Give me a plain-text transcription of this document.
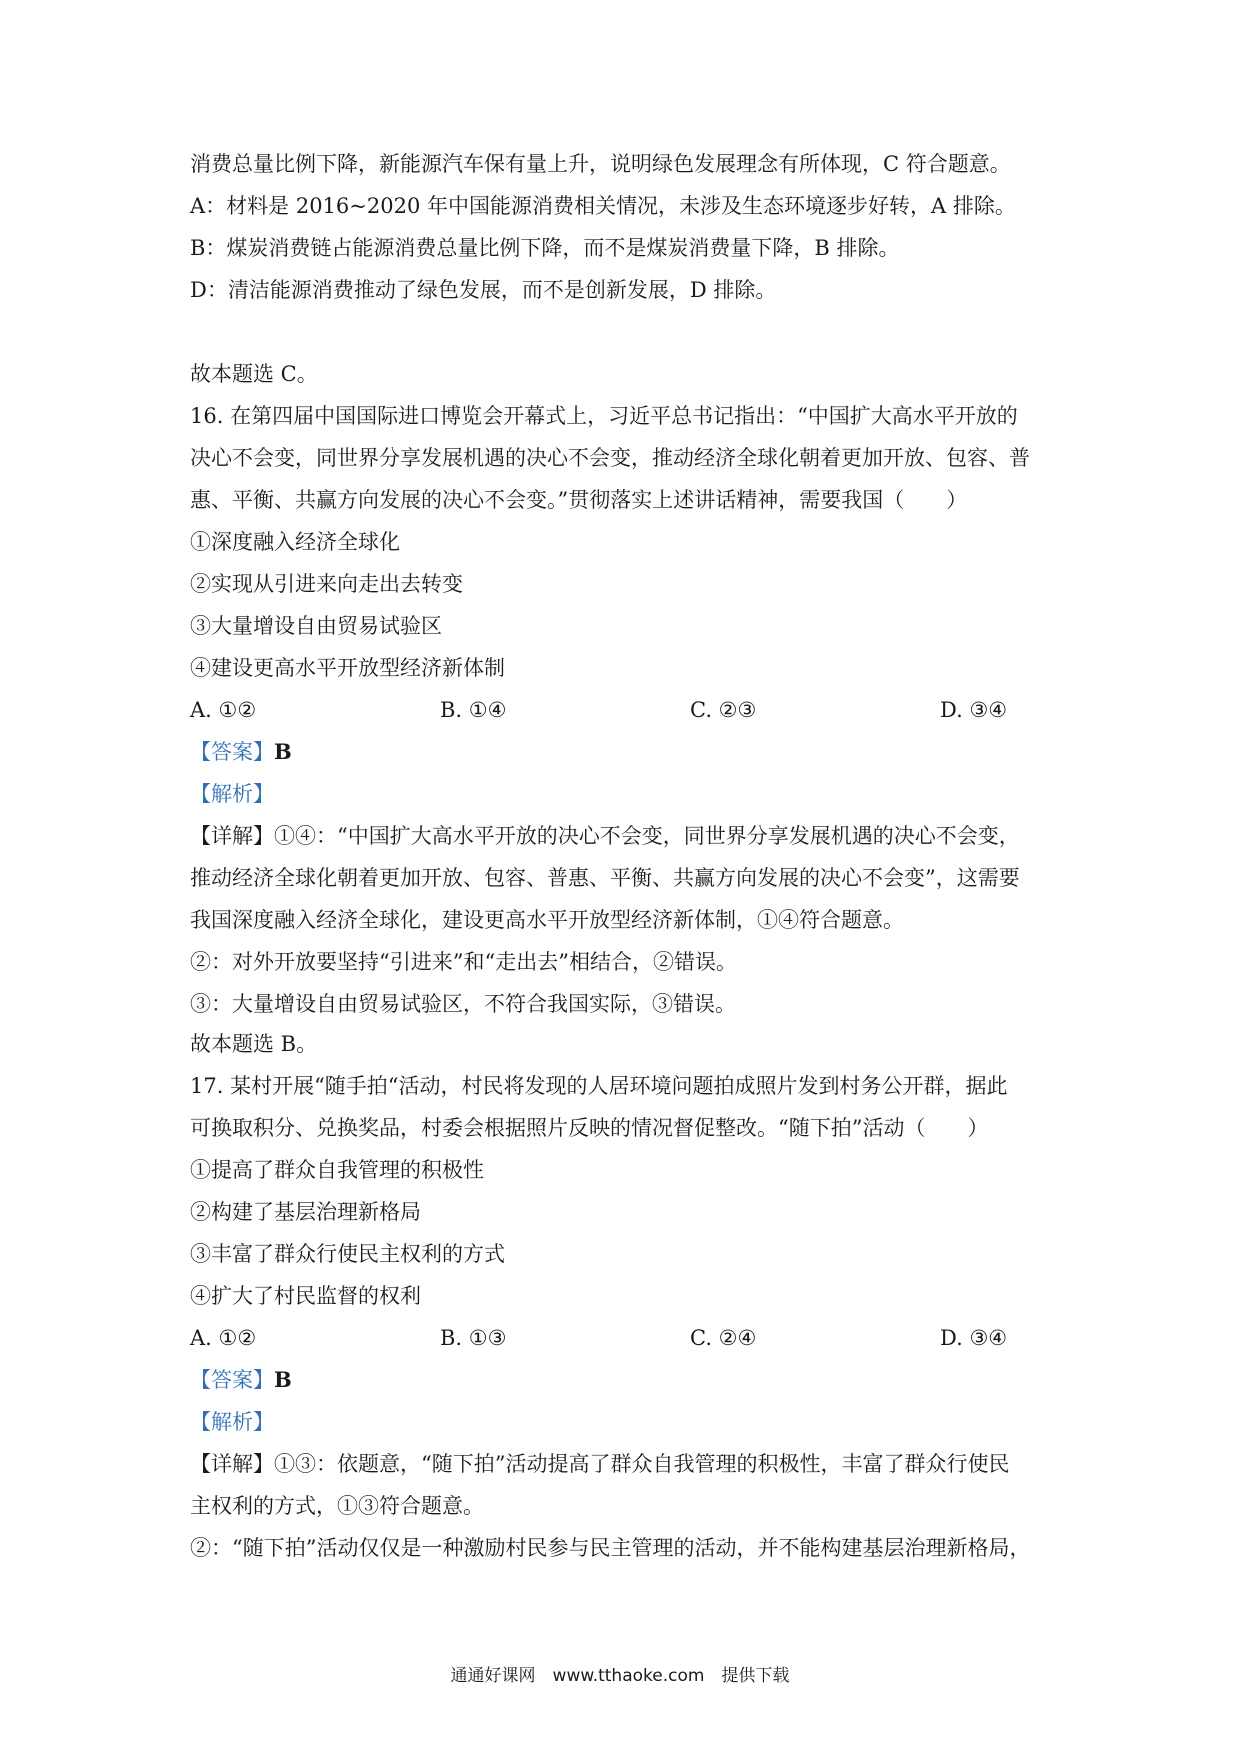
消费总量比例下降，新能源汽车保有量上升，说明绿色发展理念有所体现，C 符合题意。

A：材料是 2016~2020 年中国能源消费相关情况，未涉及生态环境逐步好转，A 排除。

B：煤炭消费链占能源消费总量比例下降，而不是煤炭消费量下降，B 排除。

D：清洁能源消费推动了绿色发展，而不是创新发展，D 排除。

故本题选 C。

16. 在第四届中国国际进口博览会开幕式上，习近平总书记指出：“中国扩大高水平开放的

决心不会变，同世界分享发展机遇的决心不会变，推动经济全球化朝着更加开放、包容、普

惠、平衡、共赢方向发展的决心不会变。”贯彻落实上述讲话精神，需要我国（　　）

①深度融入经济全球化

②实现从引进来向走出去转变

③大量增设自由贸易试验区

④建设更高水平开放型经济新体制

A. ①②	B. ①④	C. ②③	D. ③④

【答案】B

【解析】

【详解】①④：“中国扩大高水平开放的决心不会变，同世界分享发展机遇的决心不会变，

推动经济全球化朝着更加开放、包容、普惠、平衡、共赢方向发展的决心不会变”，这需要

我国深度融入经济全球化，建设更高水平开放型经济新体制，①④符合题意。

②：对外开放要坚持“引进来”和“走出去”相结合，②错误。

③：大量增设自由贸易试验区，不符合我国实际，③错误。

故本题选 B。

17. 某村开展“随手拍“活动，村民将发现的人居环境问题拍成照片发到村务公开群，据此

可换取积分、兑换奖品，村委会根据照片反映的情况督促整改。“随下拍”活动（　　）

①提高了群众自我管理的积极性

②构建了基层治理新格局

③丰富了群众行使民主权利的方式

④扩大了村民监督的权利

A. ①②	B. ①③	C. ②④	D. ③④

【答案】B

【解析】

【详解】①③：依题意，“随下拍”活动提高了群众自我管理的积极性，丰富了群众行使民

主权利的方式，①③符合题意。

②：“随下拍”活动仅仅是一种激励村民参与民主管理的活动，并不能构建基层治理新格局，

通通好课网　www.tthaoke.com　提供下载
